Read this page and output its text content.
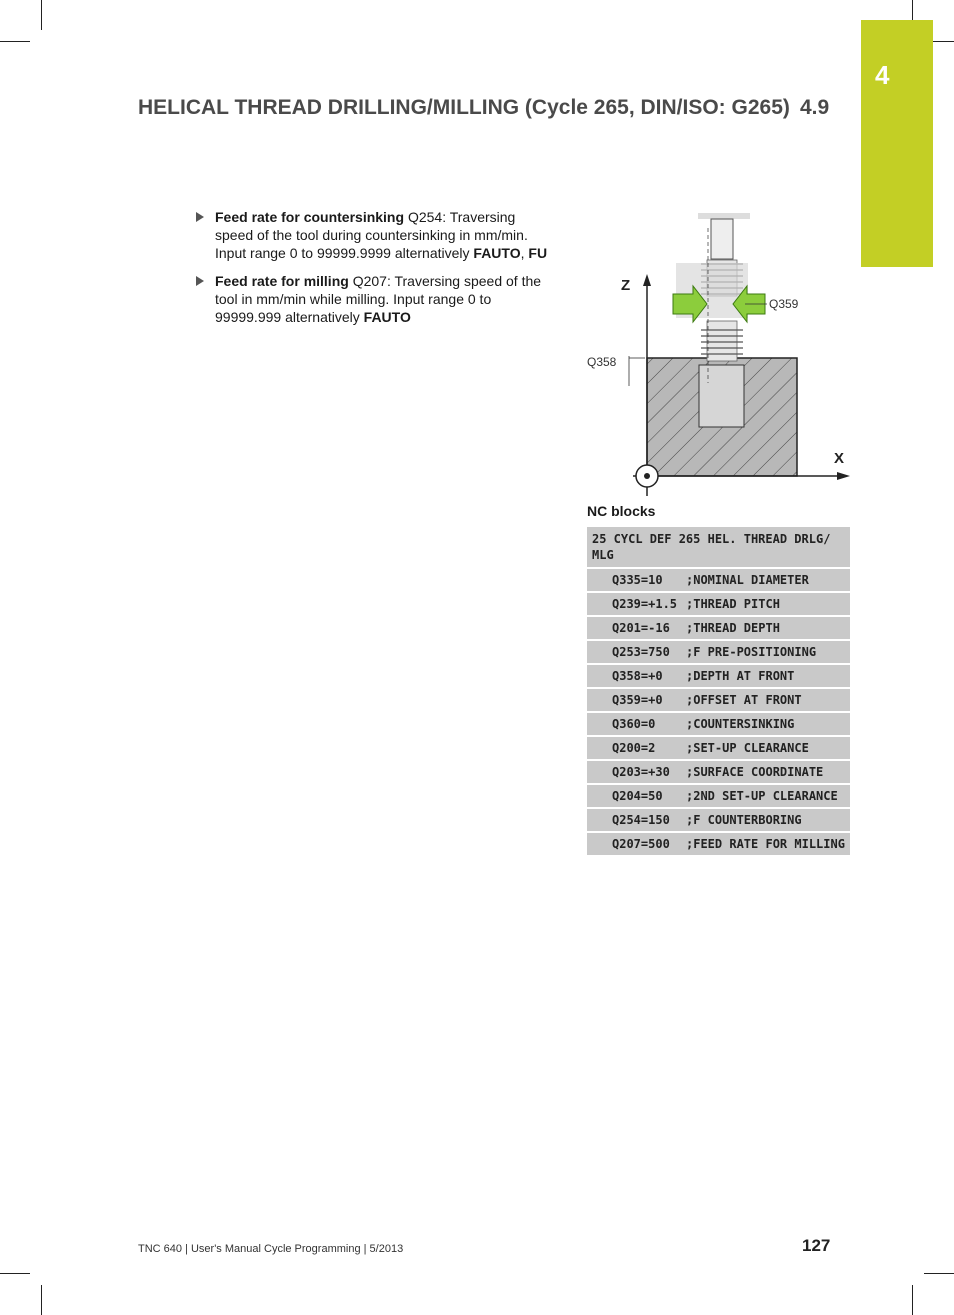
4
HELICAL THREAD DRILLING/MILLING (Cycle 265, DIN/ISO: G265) 4.9
Feed rate for countersinking Q254: Traversing speed of the tool during countersinking in mm/min. Input range 0 to 99999.9999 alternatively FAUTO, FU
Feed rate for milling Q207: Traversing speed of the tool in mm/min while milling. Input range 0 to 99999.999 alternatively FAUTO
Z
X
Q359
Q358
NC blocks
25 CYCL DEF 265 HEL. THREAD DRLG/ MLG	
Q335=10	;NOMINAL DIAMETER
Q239=+1.5	;THREAD PITCH
Q201=-16	;THREAD DEPTH
Q253=750	;F PRE-POSITIONING
Q358=+0	;DEPTH AT FRONT
Q359=+0	;OFFSET AT FRONT
Q360=0	;COUNTERSINKING
Q200=2	;SET-UP CLEARANCE
Q203=+30	;SURFACE COORDINATE
Q204=50	;2ND SET-UP CLEARANCE
Q254=150	;F COUNTERBORING
Q207=500	;FEED RATE FOR MILLING
TNC 640 | User's Manual Cycle Programming | 5/2013	127
